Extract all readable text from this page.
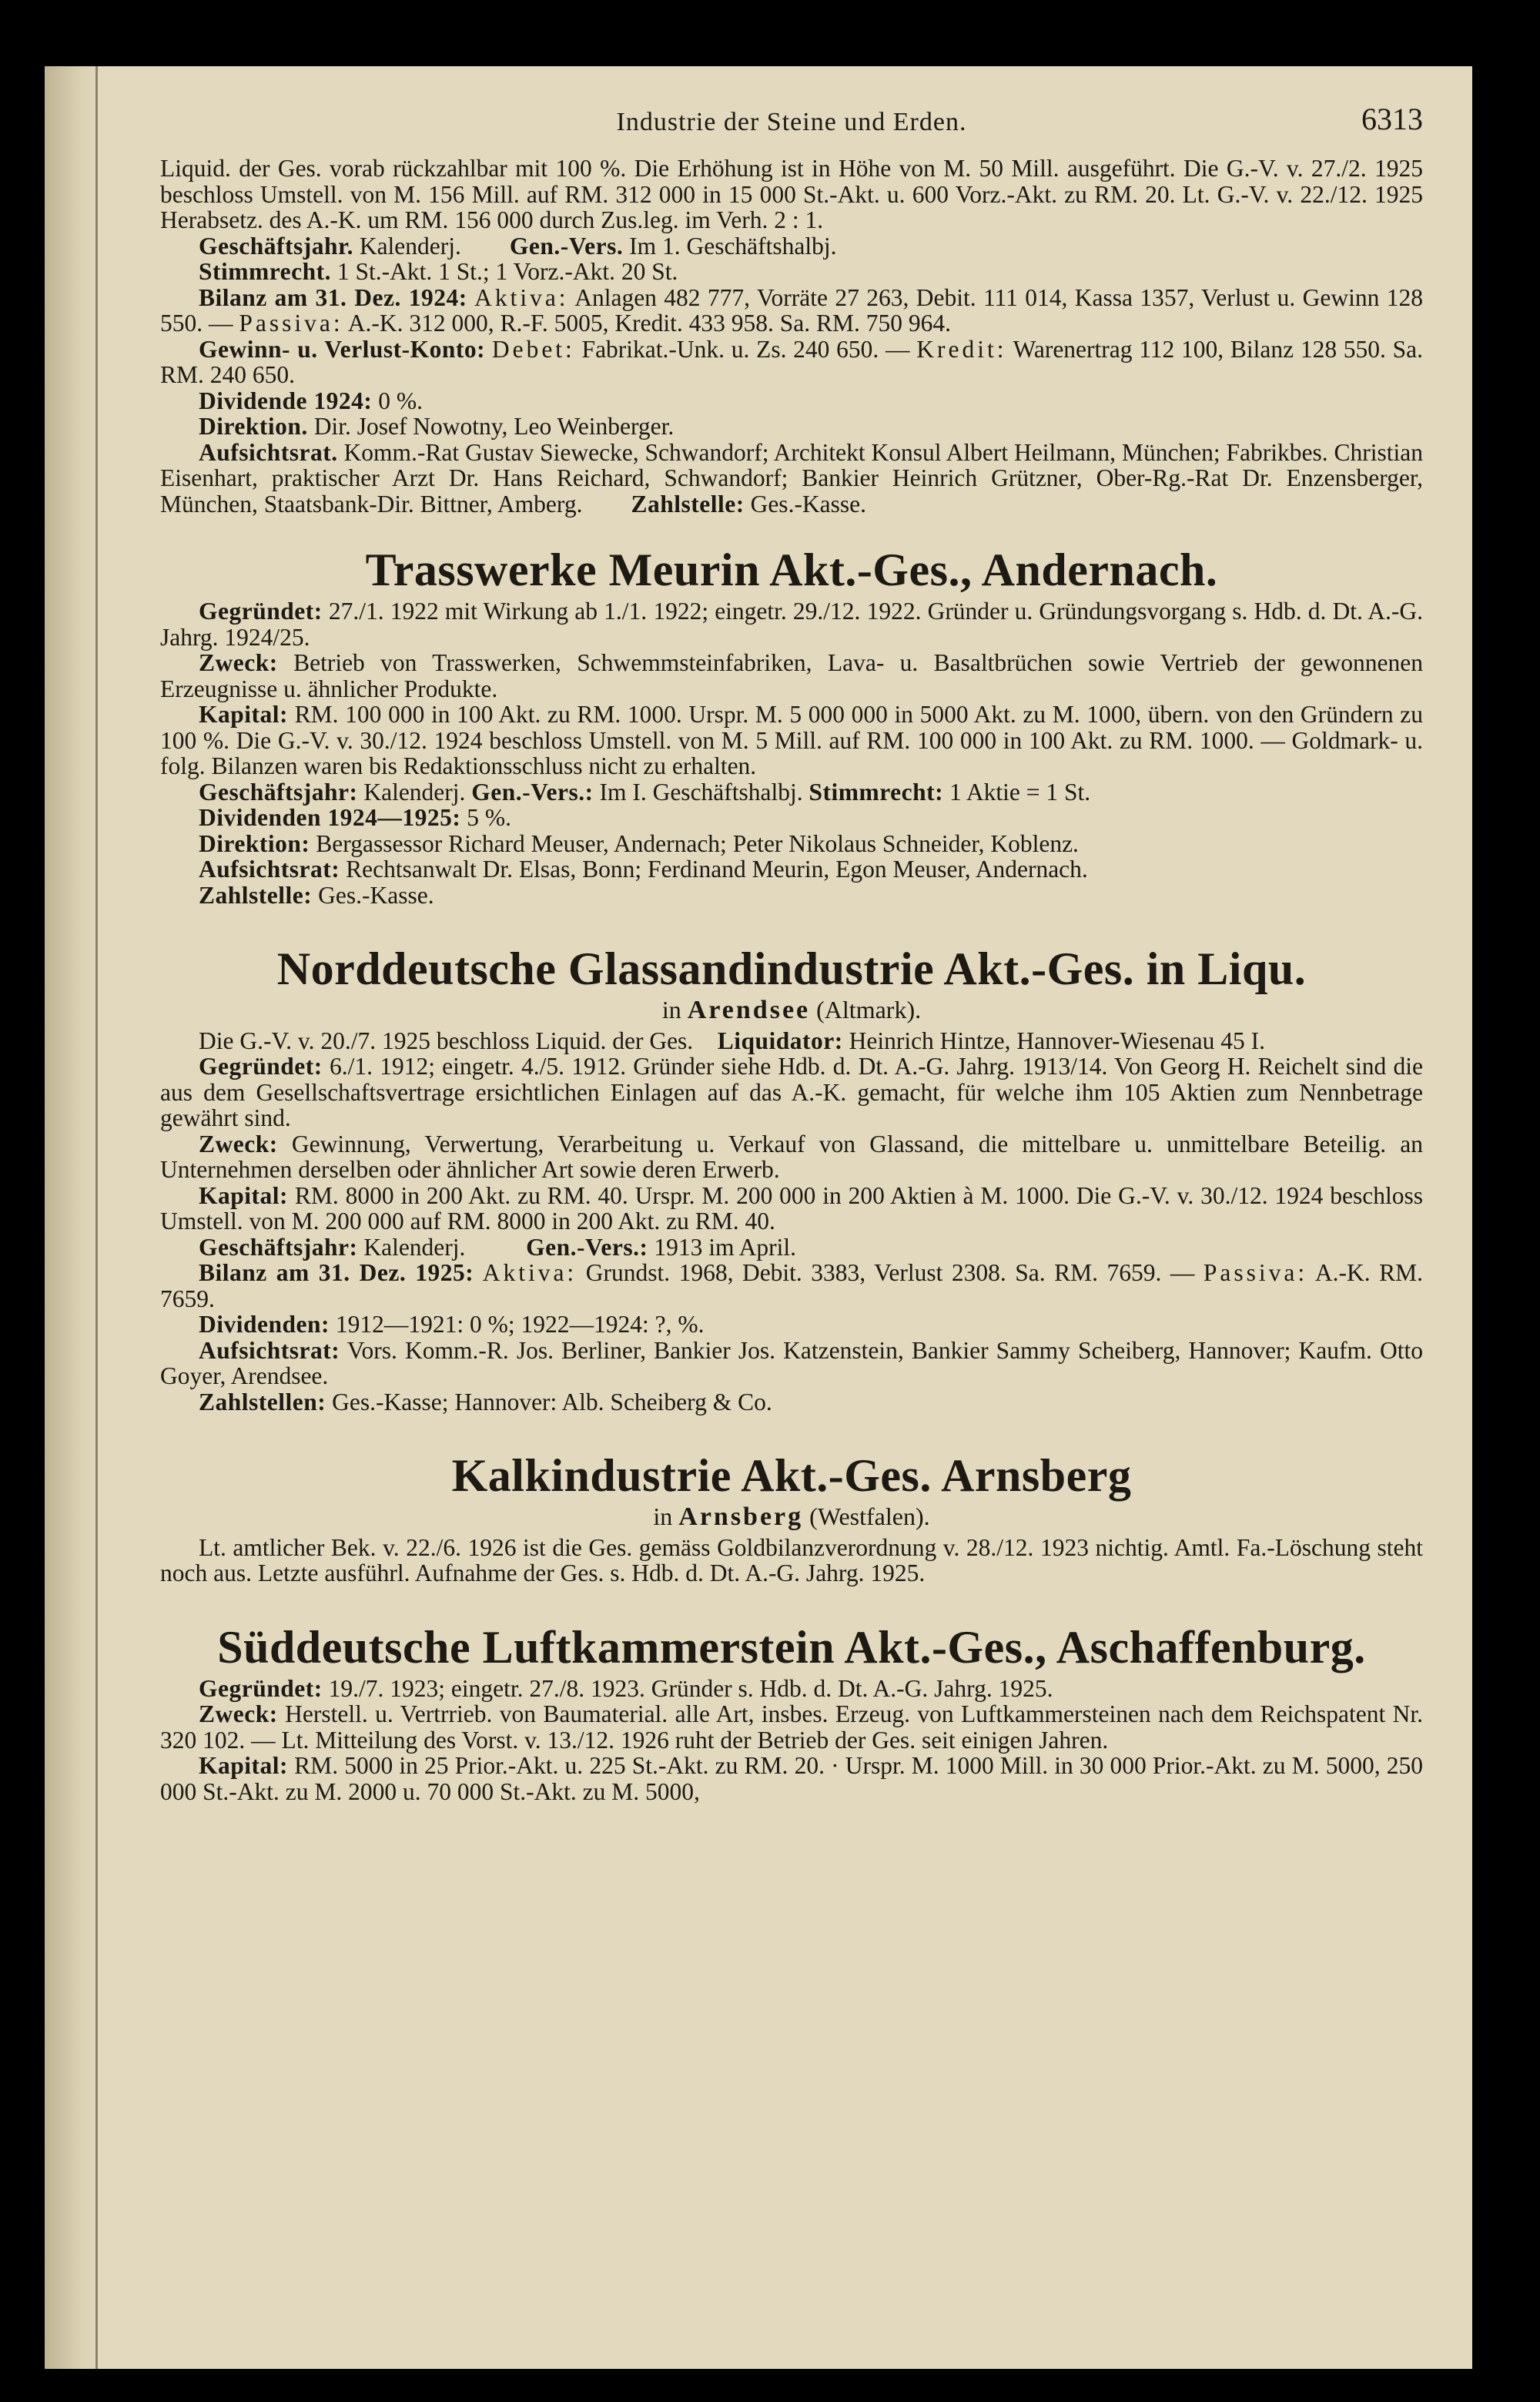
Industrie der Steine und Erden.	6313

Liquid. der Ges. vorab rückzahlbar mit 100 %. Die Erhöhung ist in Höhe von M. 50 Mill. ausgeführt. Die G.-V. v. 27./2. 1925 beschloss Umstell. von M. 156 Mill. auf RM. 312 000 in 15 000 St.-Akt. u. 600 Vorz.-Akt. zu RM. 20. Lt. G.-V. v. 22./12. 1925 Herabsetz. des A.-K. um RM. 156 000 durch Zus.leg. im Verh. 2 : 1.

Geschäftsjahr. Kalenderj. Gen.-Vers. Im 1. Geschäftshalbj.

Stimmrecht. 1 St.-Akt. 1 St.; 1 Vorz.-Akt. 20 St.

Bilanz am 31. Dez. 1924: Aktiva: Anlagen 482 777, Vorräte 27 263, Debit. 111 014, Kassa 1357, Verlust u. Gewinn 128 550. — Passiva: A.-K. 312 000, R.-F. 5005, Kredit. 433 958. Sa. RM. 750 964.

Gewinn- u. Verlust-Konto: Debet: Fabrikat.-Unk. u. Zs. 240 650. — Kredit: Warenertrag 112 100, Bilanz 128 550. Sa. RM. 240 650.

Dividende 1924: 0 %.

Direktion. Dir. Josef Nowotny, Leo Weinberger.

Aufsichtsrat. Komm.-Rat Gustav Siewecke, Schwandorf; Architekt Konsul Albert Heilmann, München; Fabrikbes. Christian Eisenhart, praktischer Arzt Dr. Hans Reichard, Schwandorf; Bankier Heinrich Grützner, Ober-Rg.-Rat Dr. Enzensberger, München, Staatsbank-Dir. Bittner, Amberg. Zahlstelle: Ges.-Kasse.

Trasswerke Meurin Akt.-Ges., Andernach.

Gegründet: 27./1. 1922 mit Wirkung ab 1./1. 1922; eingetr. 29./12. 1922. Gründer u. Gründungsvorgang s. Hdb. d. Dt. A.-G. Jahrg. 1924/25.

Zweck: Betrieb von Trasswerken, Schwemmsteinfabriken, Lava- u. Basaltbrüchen sowie Vertrieb der gewonnenen Erzeugnisse u. ähnlicher Produkte.

Kapital: RM. 100 000 in 100 Akt. zu RM. 1000. Urspr. M. 5 000 000 in 5000 Akt. zu M. 1000, übern. von den Gründern zu 100 %. Die G.-V. v. 30./12. 1924 beschloss Umstell. von M. 5 Mill. auf RM. 100 000 in 100 Akt. zu RM. 1000. — Goldmark- u. folg. Bilanzen waren bis Redaktionsschluss nicht zu erhalten.

Geschäftsjahr: Kalenderj. Gen.-Vers.: Im I. Geschäftshalbj. Stimmrecht: 1 Aktie = 1 St.

Dividenden 1924—1925: 5 %.

Direktion: Bergassessor Richard Meuser, Andernach; Peter Nikolaus Schneider, Koblenz.

Aufsichtsrat: Rechtsanwalt Dr. Elsas, Bonn; Ferdinand Meurin, Egon Meuser, Andernach.

Zahlstelle: Ges.-Kasse.

Norddeutsche Glassandindustrie Akt.-Ges. in Liqu.
in Arendsee (Altmark).

Die G.-V. v. 20./7. 1925 beschloss Liquid. der Ges. Liquidator: Heinrich Hintze, Hannover-Wiesenau 45 I.

Gegründet: 6./1. 1912; eingetr. 4./5. 1912. Gründer siehe Hdb. d. Dt. A.-G. Jahrg. 1913/14. Von Georg H. Reichelt sind die aus dem Gesellschaftsvertrage ersichtlichen Einlagen auf das A.-K. gemacht, für welche ihm 105 Aktien zum Nennbetrage gewährt sind.

Zweck: Gewinnung, Verwertung, Verarbeitung u. Verkauf von Glassand, die mittelbare u. unmittelbare Beteilig. an Unternehmen derselben oder ähnlicher Art sowie deren Erwerb.

Kapital: RM. 8000 in 200 Akt. zu RM. 40. Urspr. M. 200 000 in 200 Aktien à M. 1000. Die G.-V. v. 30./12. 1924 beschloss Umstell. von M. 200 000 auf RM. 8000 in 200 Akt. zu RM. 40.

Geschäftsjahr: Kalenderj.	Gen.-Vers.: 1913 im April.

Bilanz am 31. Dez. 1925: Aktiva: Grundst. 1968, Debit. 3383, Verlust 2308. Sa. RM. 7659. — Passiva: A.-K. RM. 7659.

Dividenden: 1912—1921: 0 %; 1922—1924: ?, %.

Aufsichtsrat: Vors. Komm.-R. Jos. Berliner, Bankier Jos. Katzenstein, Bankier Sammy Scheiberg, Hannover; Kaufm. Otto Goyer, Arendsee.

Zahlstellen: Ges.-Kasse; Hannover: Alb. Scheiberg & Co.

Kalkindustrie Akt.-Ges. Arnsberg
in Arnsberg (Westfalen).

Lt. amtlicher Bek. v. 22./6. 1926 ist die Ges. gemäss Goldbilanzverordnung v. 28./12. 1923 nichtig. Amtl. Fa.-Löschung steht noch aus. Letzte ausführl. Aufnahme der Ges. s. Hdb. d. Dt. A.-G. Jahrg. 1925.

Süddeutsche Luftkammerstein Akt.-Ges., Aschaffenburg.

Gegründet: 19./7. 1923; eingetr. 27./8. 1923. Gründer s. Hdb. d. Dt. A.-G. Jahrg. 1925.

Zweck: Herstell. u. Vertrrieb. von Baumaterial. alle Art, insbes. Erzeug. von Luftkammersteinen nach dem Reichspatent Nr. 320 102. — Lt. Mitteilung des Vorst. v. 13./12. 1926 ruht der Betrieb der Ges. seit einigen Jahren.

Kapital: RM. 5000 in 25 Prior.-Akt. u. 225 St.-Akt. zu RM. 20. · Urspr. M. 1000 Mill. in 30 000 Prior.-Akt. zu M. 5000, 250 000 St.-Akt. zu M. 2000 u. 70 000 St.-Akt. zu M. 5000,
